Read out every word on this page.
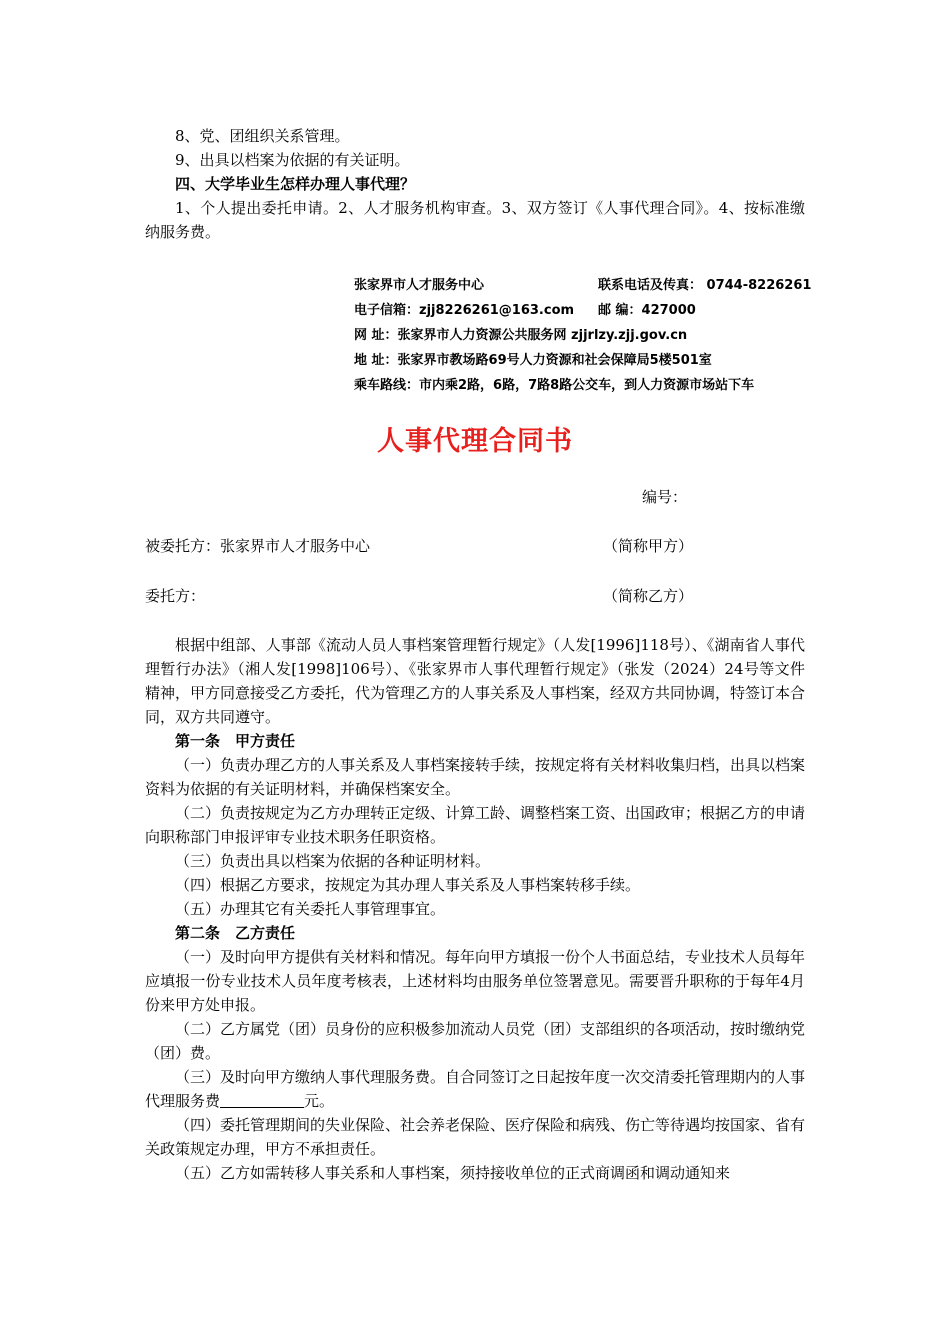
8、党、团组织关系管理。

9、出具以档案为依据的有关证明。

四、大学毕业生怎样办理人事代理？

1、个人提出委托申请。2、人才服务机构审查。3、双方签订《人事代理合同》。4、按标准缴纳服务费。

张家界市人才服务中心	联系电话及传真： 0744-8226261
电子信箱：zjj8226261@163.com 邮 编：427000
网 址：张家界市人力资源公共服务网 zjjrlzy.zjj.gov.cn
地 址：张家界市教场路69号人力资源和社会保障局5楼501室
乘车路线：市内乘2路，6路，7路8路公交车，到人力资源市场站下车
人事代理合同书
编号：
被委托方：张家界市人才服务中心	（简称甲方）
委托方：	（简称乙方）

根据中组部、人事部《流动人员人事档案管理暂行规定》（人发[1996]118号）、《湖南省人事代理暂行办法》（湘人发[1998]106号）、《张家界市人事代理暂行规定》（张发（2024）24号等文件精神，甲方同意接受乙方委托，代为管理乙方的人事关系及人事档案，经双方共同协调，特签订本合同，双方共同遵守。

第一条　甲方责任

（一）负责办理乙方的人事关系及人事档案接转手续，按规定将有关材料收集归档，出具以档案资料为依据的有关证明材料，并确保档案安全。

（二）负责按规定为乙方办理转正定级、计算工龄、调整档案工资、出国政审；根据乙方的申请向职称部门申报评审专业技术职务任职资格。

（三）负责出具以档案为依据的各种证明材料。

（四）根据乙方要求，按规定为其办理人事关系及人事档案转移手续。

（五）办理其它有关委托人事管理事宜。

第二条　乙方责任

（一）及时向甲方提供有关材料和情况。每年向甲方填报一份个人书面总结，专业技术人员每年应填报一份专业技术人员年度考核表，上述材料均由服务单位签署意见。需要晋升职称的于每年4月份来甲方处申报。

（二）乙方属党（团）员身份的应积极参加流动人员党（团）支部组织的各项活动，按时缴纳党（团）费。

（三）及时向甲方缴纳人事代理服务费。自合同签订之日起按年度一次交清委托管理期内的人事代理服务费	元。

（四）委托管理期间的失业保险、社会养老保险、医疗保险和病残、伤亡等待遇均按国家、省有关政策规定办理，甲方不承担责任。

（五）乙方如需转移人事关系和人事档案，须持接收单位的正式商调函和调动通知来
